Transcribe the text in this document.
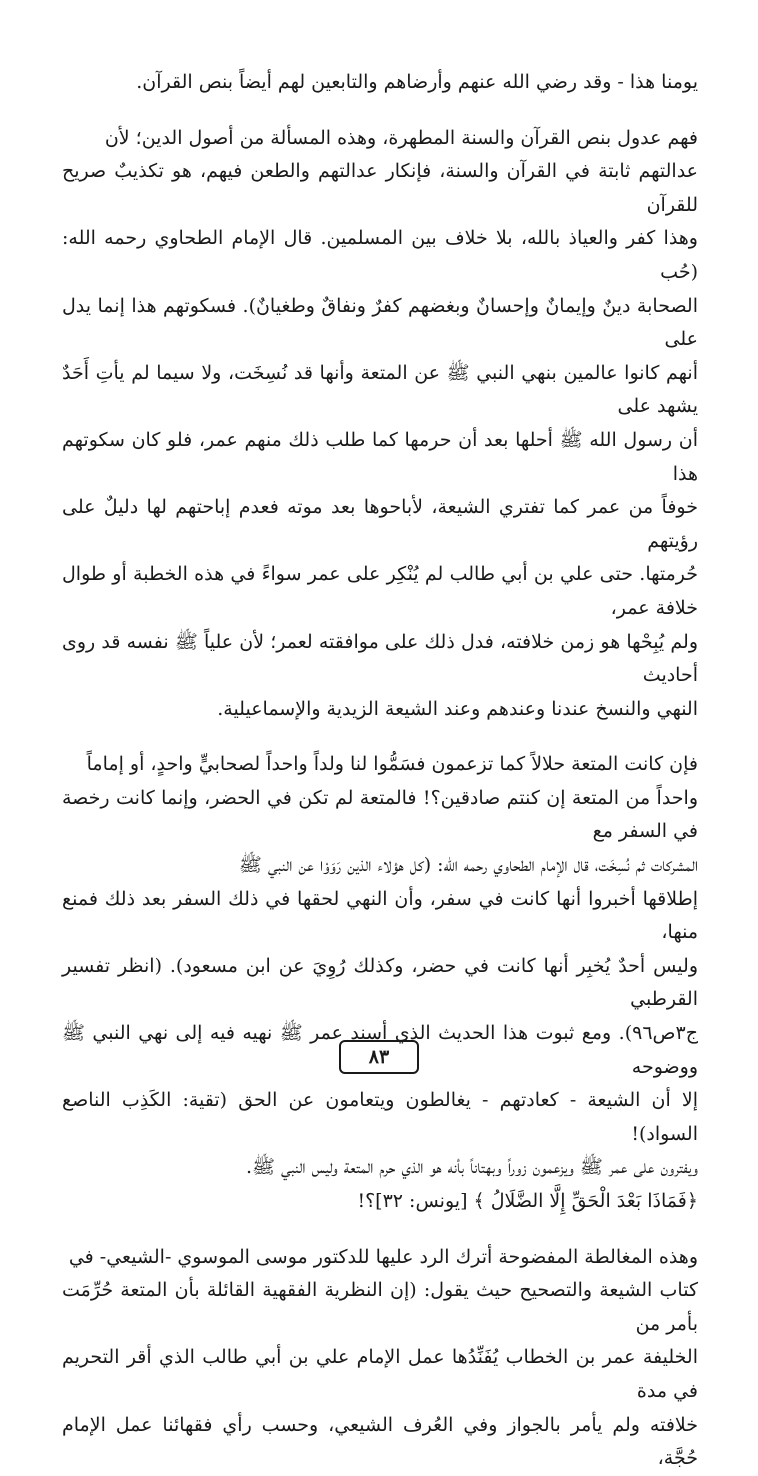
يومنا هذا - وقد رضي الله عنهم وأرضاهم والتابعين لهم أيضاً بنص القرآن.

فهم عدول بنص القرآن والسنة المطهرة، وهذه المسألة من أصول الدين؛ لأن

عدالتهم ثابتة في القرآن والسنة، فإنكار عدالتهم والطعن فيهم، هو تكذيبٌ صريح للقرآن

وهذا كفر والعياذ بالله، بلا خلاف بين المسلمين. قال الإمام الطحاوي رحمه الله: (حُب

الصحابة دينٌ وإيمانٌ وإحسانٌ وبغضهم كفرٌ ونفاقٌ وطغيانٌ). فسكوتهم هذا إنما يدل على

أنهم كانوا عالمين بنهي النبي ﷺ عن المتعة وأنها قد نُسِخَت، ولا سيما لم يأتِ أَحَدٌ يشهد على

أن رسول الله ﷺ أحلها بعد أن حرمها كما طلب ذلك منهم عمر، فلو كان سكوتهم هذا

خوفاً من عمر كما تفتري الشيعة، لأباحوها بعد موته فعدم إباحتهم لها دليلٌ على رؤيتهم

حُرمتها. حتى علي بن أبي طالب لم يُنْكِر على عمر سواءً في هذه الخطبة أو طوال خلافة عمر،

ولم يُبِحْها هو زمن خلافته، فدل ذلك على موافقته لعمر؛ لأن علياً ﷺ نفسه قد روى أحاديث

النهي والنسخ عندنا وعندهم وعند الشيعة الزيدية والإسماعيلية.

فإن كانت المتعة حلالاً كما تزعمون فسَمُّوا لنا ولداً واحداً لصحابيٍّ واحدٍ، أو إماماً

واحداً من المتعة إن كنتم صادقين؟! فالمتعة لم تكن في الحضر، وإنما كانت رخصة في السفر مع

المشركات ثم نُسِخَت، قال الإمام الطحاوي رحمه الله: (كل هؤلاء الذين رَوَوْا عن النبي ﷺ

إطلاقها أخبروا أنها كانت في سفر، وأن النهي لحقها في ذلك السفر بعد ذلك فمنع منها،

وليس أحدٌ يُخبِر أنها كانت في حضر، وكذلك رُوِيَ عن ابن مسعود). (انظر تفسير القرطبي

ج٣ص٩٦). ومع ثبوت هذا الحديث الذي أسند عمر ﷺ نهيه فيه إلى نهي النبي ﷺ ووضوحه

إلا أن الشيعة - كعادتهم - يغالطون ويتعامون عن الحق (تقية: الكَذِب الناصع السواد)!

ويفترون على عمر ﷺ ويزعمون زوراً وبهتاناً بأنه هو الذي حرم المتعة وليس النبي ﷺ.

﴿فَمَاذَا بَعْدَ الْحَقِّ إِلَّا الضَّلَالُ ﴾ [يونس: ٣٢]؟!

وهذه المغالطة المفضوحة أترك الرد عليها للدكتور موسى الموسوي -الشيعي- في

كتاب الشيعة والتصحيح حيث يقول: (إن النظرية الفقهية القائلة بأن المتعة حُرِّمَت بأمر من

الخليفة عمر بن الخطاب يُفَنِّدُها عمل الإمام علي بن أبي طالب الذي أقر التحريم في مدة

خلافته ولم يأمر بالجواز وفي العُرف الشيعي، وحسب رأي فقهائنا عمل الإمام حُجَّة،

٨٣
